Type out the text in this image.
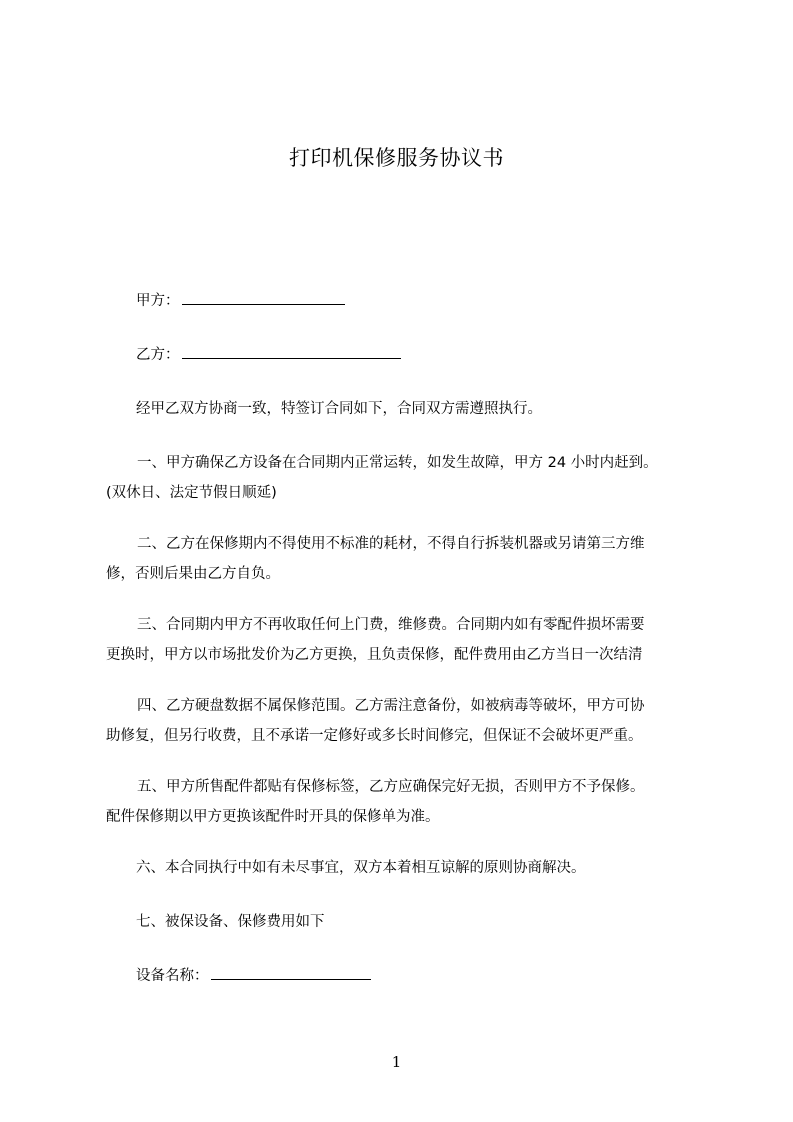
打印机保修服务协议书
甲方：
乙方：
经甲乙双方协商一致，特签订合同如下，合同双方需遵照执行。
一、甲方确保乙方设备在合同期内正常运转，如发生故障，甲方 24 小时内赶到。
(双休日、法定节假日顺延)
二、乙方在保修期内不得使用不标准的耗材，不得自行拆装机器或另请第三方维
修，否则后果由乙方自负。
三、合同期内甲方不再收取任何上门费，维修费。合同期内如有零配件损坏需要
更换时，甲方以市场批发价为乙方更换，且负责保修，配件费用由乙方当日一次结清
四、乙方硬盘数据不属保修范围。乙方需注意备份，如被病毒等破坏，甲方可协
助修复，但另行收费，且不承诺一定修好或多长时间修完，但保证不会破坏更严重。
五、甲方所售配件都贴有保修标签，乙方应确保完好无损，否则甲方不予保修。
配件保修期以甲方更换该配件时开具的保修单为准。
六、本合同执行中如有未尽事宜，双方本着相互谅解的原则协商解决。
七、被保设备、保修费用如下
设备名称：
1
